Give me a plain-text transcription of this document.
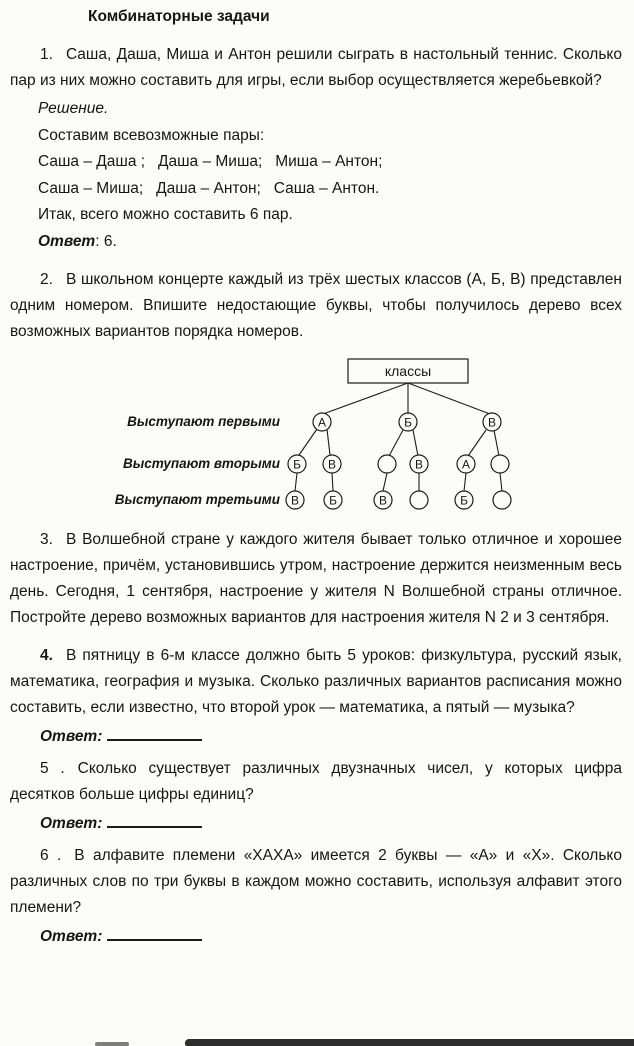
Комбинаторные задачи

1. Саша, Даша, Миша и Антон решили сыграть в настольный теннис. Сколько пар из них можно составить для игры, если выбор осуществляется жеребьевкой?

Решение.
Составим всевозможные пары:
Саша – Даша ;   Даша – Миша;   Миша – Антон;
Саша – Миша;   Даша – Антон;   Саша – Антон.
Итак, всего можно составить 6 пар.
Ответ: 6.

2. В школьном концерте каждый из трёх шестых классов (А, Б, В) представлен одним номером. Впишите недостающие буквы, чтобы получилось дерево всех возможных вариантов порядка номеров.

классы
Выступают первыми
Выступают вторыми
Выступают третьими
А	Б	В
Б В	В	А
В	Б	В	Б

3. В Волшебной стране у каждого жителя бывает только отличное и хорошее настроение, причём, установившись утром, настроение держится неизменным весь день. Сегодня, 1 сентября, настроение у жителя N Волшебной страны отличное. Постройте дерево возможных вариантов для настроения жителя N 2 и 3 сентября.

4. В пятницу в 6-м классе должно быть 5 уроков: физкультура, русский язык, математика, география и музыка. Сколько различных вариантов расписания можно составить, если известно, что второй урок — математика, а пятый — музыка?

Ответ:

5 . Сколько существует различных двузначных чисел, у которых цифра десятков больше цифры единиц?

Ответ:

6 . В алфавите племени «ХАХА» имеется 2 буквы — «А» и «Х». Сколько различных слов по три буквы в каждом можно составить, используя алфавит этого племени?

Ответ:
